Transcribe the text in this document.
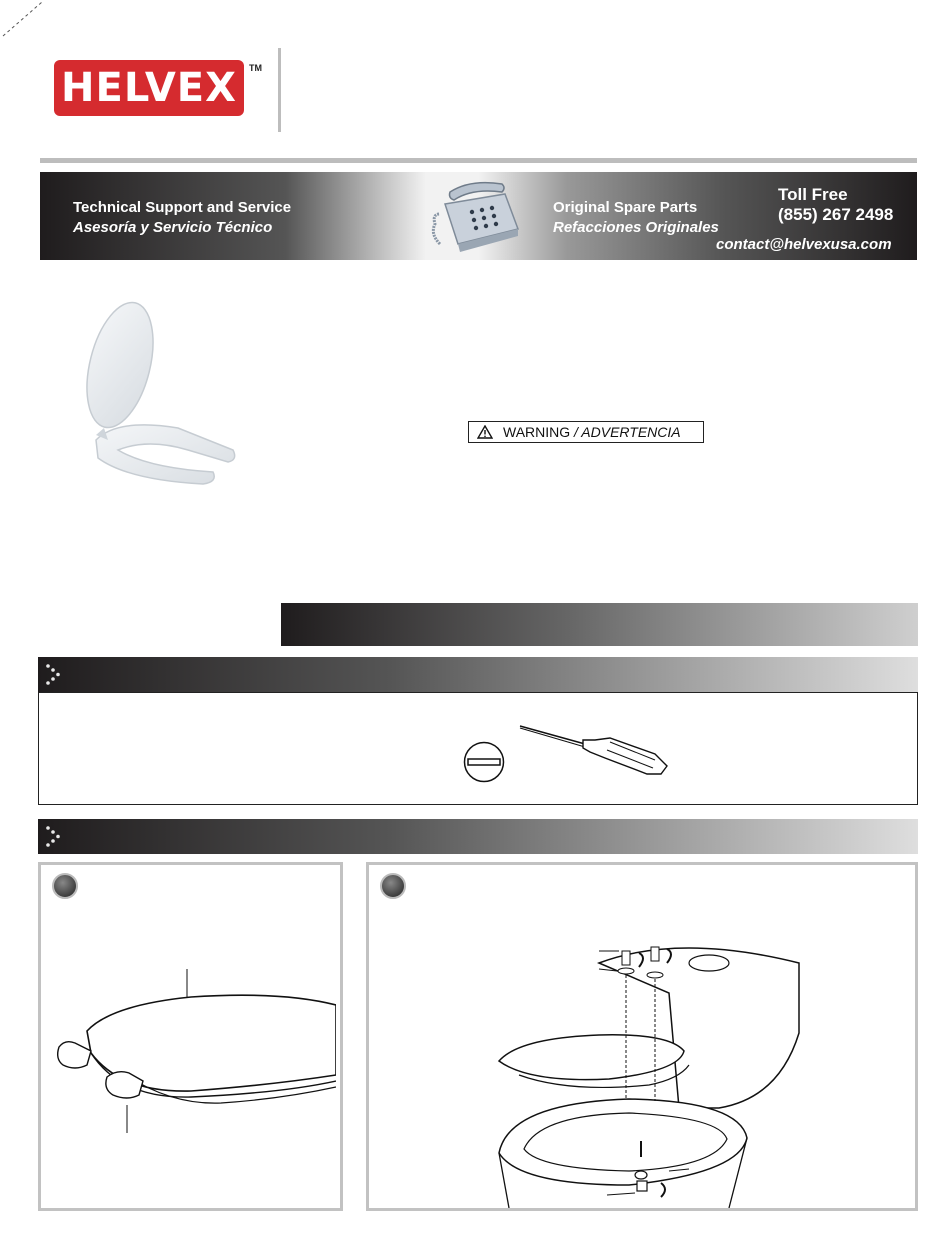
HELVEX	TM
Technical Support and Service
Asesoría y Servicio Técnico
Original Spare Parts
Refacciones Originales
Toll Free
(855) 267 2498
contact@helvexusa.com
WARNING / ADVERTENCIA
